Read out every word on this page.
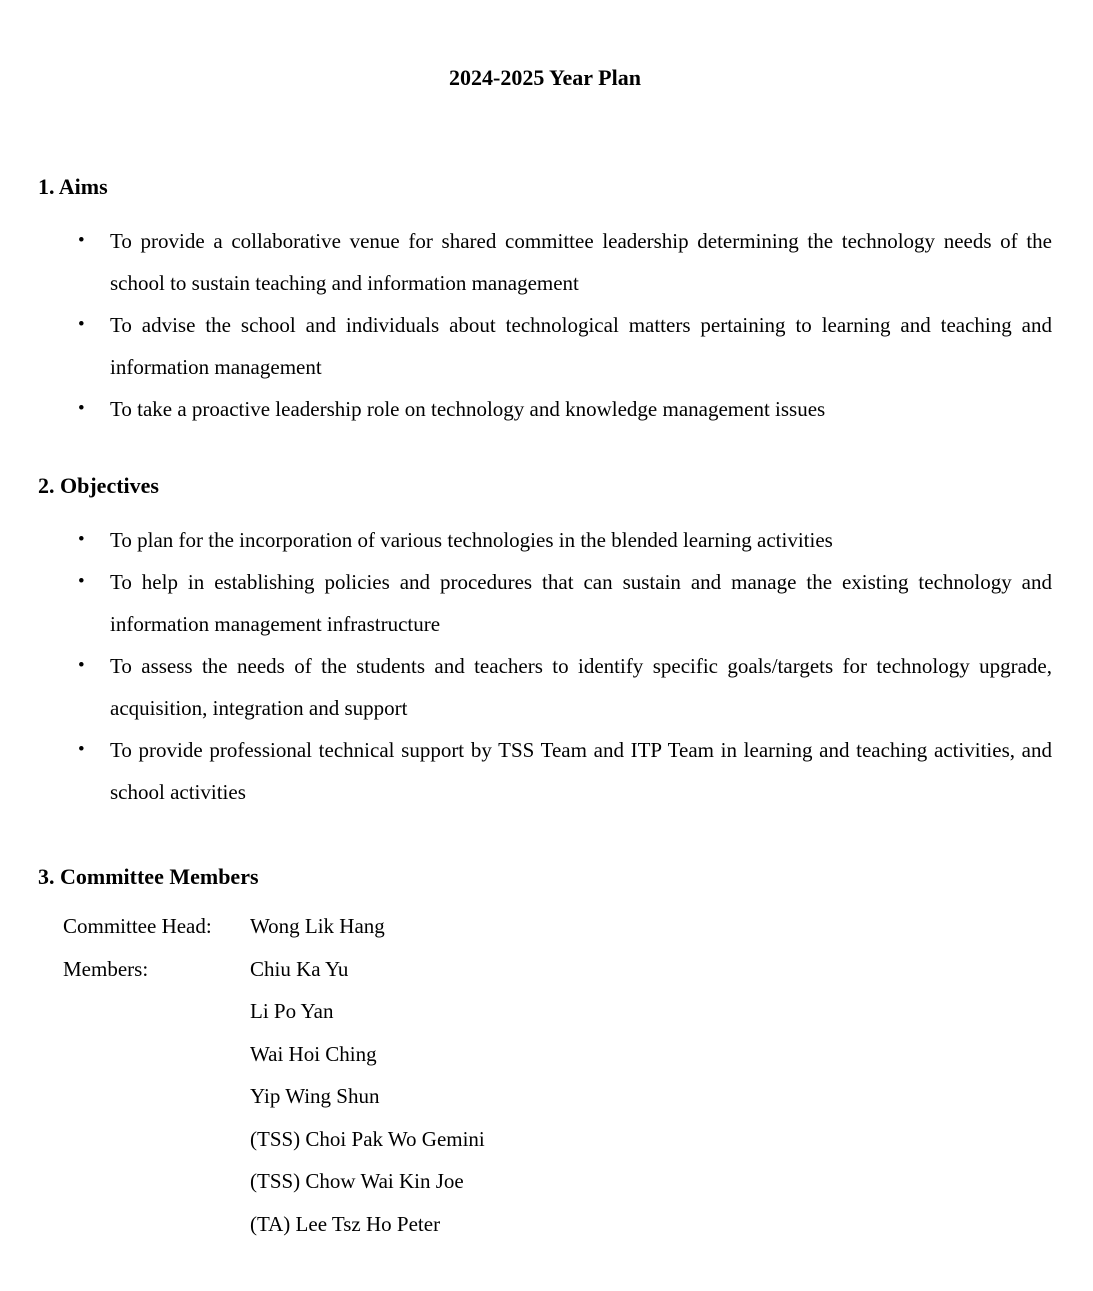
2024-2025 Year Plan
1. Aims
•	To provide a collaborative venue for shared committee leadership determining the technology needs of the school to sustain teaching and information management
•	To advise the school and individuals about technological matters pertaining to learning and teaching and information management
•	To take a proactive leadership role on technology and knowledge management issues
2. Objectives
•	To plan for the incorporation of various technologies in the blended learning activities
•	To help in establishing policies and procedures that can sustain and manage the existing technology and information management infrastructure
•	To assess the needs of the students and teachers to identify specific goals/targets for technology upgrade, acquisition, integration and support
•	To provide professional technical support by TSS Team and ITP Team in learning and teaching activities, and school activities
3. Committee Members
Committee Head:	Wong Lik Hang
Members:	Chiu Ka Yu
Li Po Yan
Wai Hoi Ching
Yip Wing Shun
(TSS) Choi Pak Wo Gemini
(TSS) Chow Wai Kin Joe
(TA) Lee Tsz Ho Peter
